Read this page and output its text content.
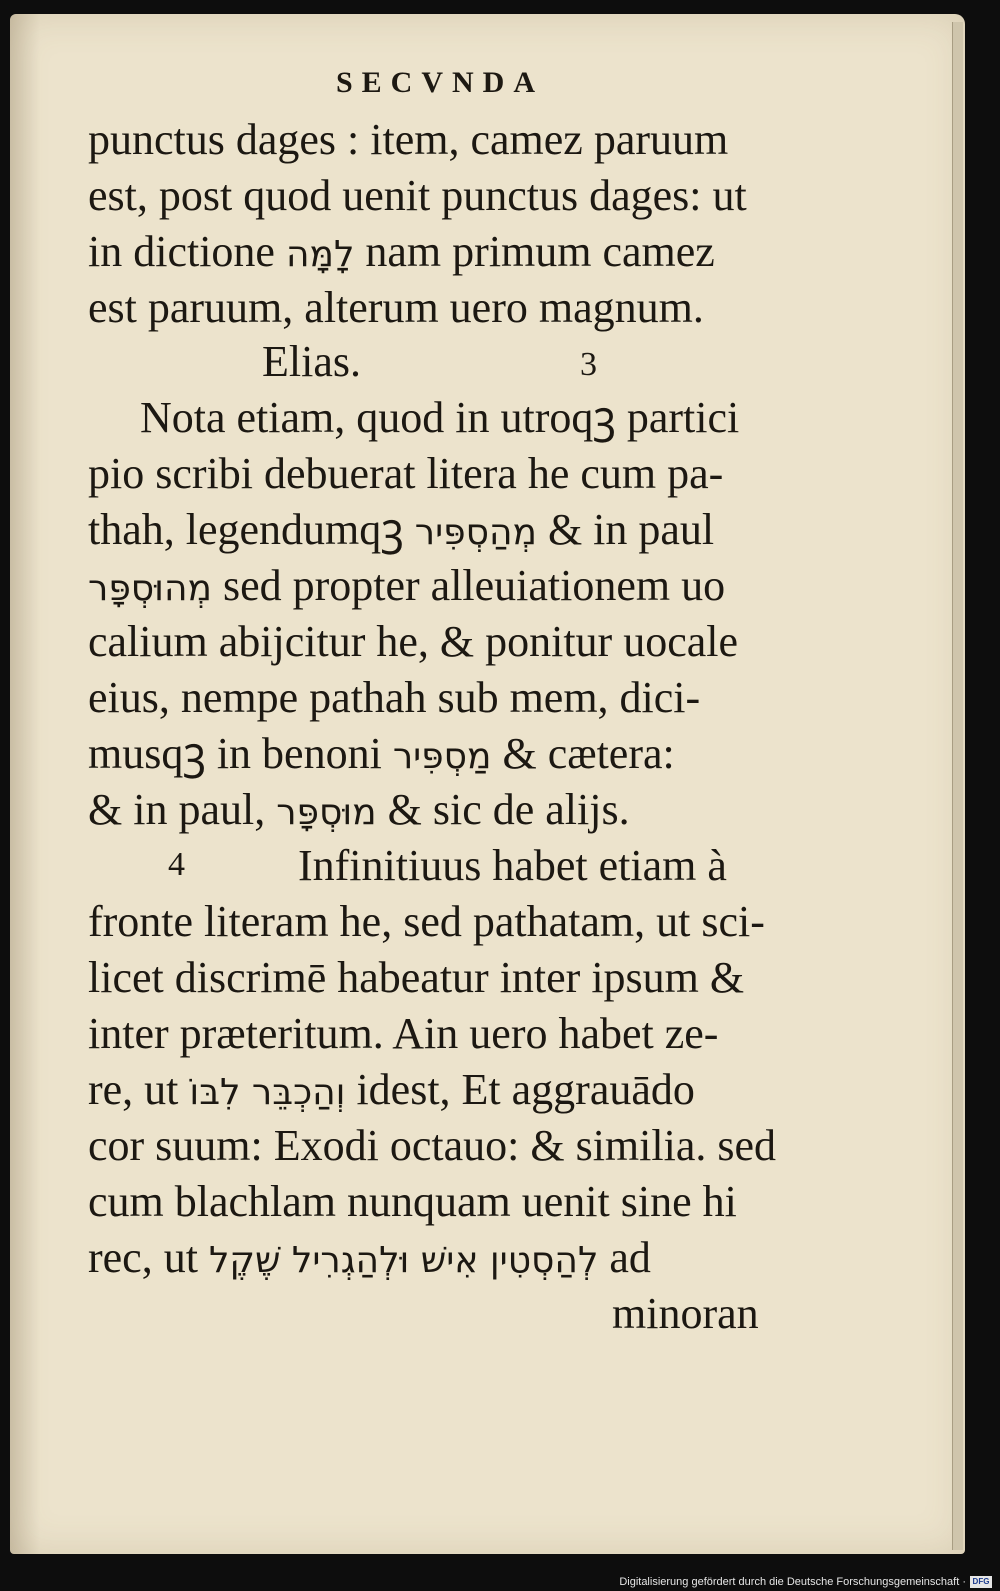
SECVNDA
punctus dages : item, camez paruum
est, post quod uenit punctus dages: ut
in dictione לָמָּה nam primum camez
est paruum, alterum uero magnum.
Elias.	3
Nota etiam, quod in utroqꝫ partici
pio scribi debuerat litera he cum pa-
thah, legendumqꝫ מְהַסְפִּיר & in paul
מְהוּסְפָּר sed propter alleuiationem uo
calium abijcitur he, & ponitur uocale
eius, nempe pathah sub mem, dici-
musqꝫ in benoni מַסְפִּיר & cætera:
& in paul, מוּסְפָּר & sic de alijs.
4	Infinitiuus habet etiam à
fronte literam he, sed pathatam, ut sci-
licet discrimē habeatur inter ipsum &
inter præteritum. Ain uero habet ze-
re, ut וְהַכְבֵּר לִבּוֹ idest, Et aggrauādo
cor suum: Exodi octauo: & similia. sed
cum blachlam nunquam uenit sine hi
rec, ut לְהַסְטִין אִישׁ וּלְהַגְרִיל שֶׁקֶל ad
minoran
Digitalisierung gefördert durch die Deutsche Forschungsgemeinschaft · DFG
